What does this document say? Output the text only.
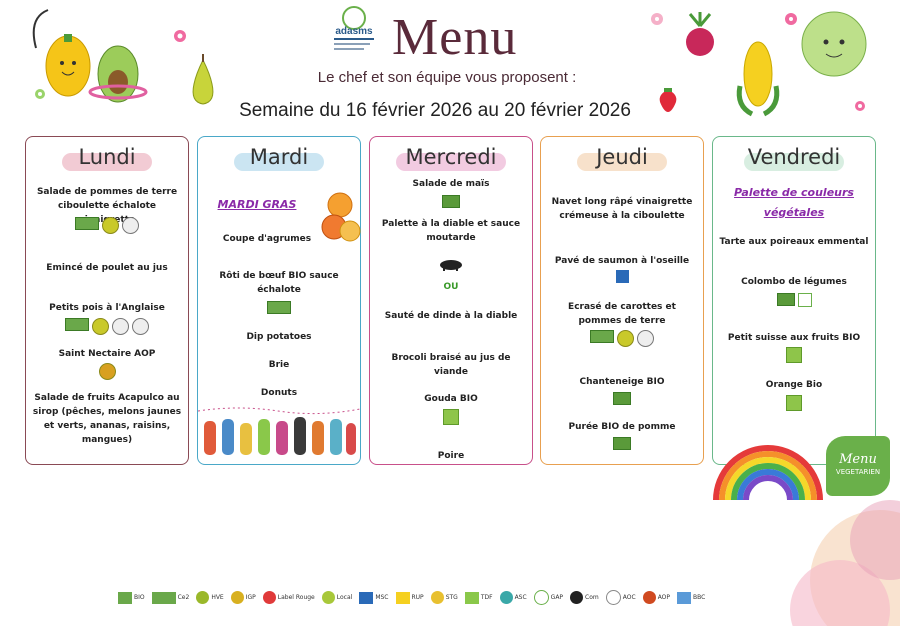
adasms Menu
Le chef et son équipe vous proposent :
Semaine du 16 février 2026 au 20 février 2026
Lundi
Salade de pommes de terre ciboulette échalote
Emincé de poulet au jus
Petits pois à l'Anglaise
Saint Nectaire AOP
Salade de fruits Acapulco au sirop (pêches, melons jaunes et verts, ananas, raisins, mangues)
Mardi
MARDI GRAS
Coupe d'agrumes
Rôti de bœuf BIO sauce échalote
Dip potatoes
Brie
Donuts
Mercredi
Salade de maïs
Palette à la diable et sauce moutarde
OU
Sauté de dinde à la diable
Brocoli braisé au jus de viande
Gouda BIO
Poire
Jeudi
Navet long râpé vinaigrette crémeuse à la ciboulette
Pavé de saumon à l'oseille
Ecrasé de carottes et pommes de terre
Chanteneige BIO
Purée BIO de pomme
Vendredi
Palette de couleurs végétales
Tarte aux poireaux emmental
Colombo de légumes
Petit suisse aux fruits BIO
Orange Bio
Menu
VEGETARIEN
BIO	Ce2	HVE	IGP	Label Rouge	Local	MSC	RUP	STG	TDF	ASC	GAP	Com	AOC	AOP	BBC
